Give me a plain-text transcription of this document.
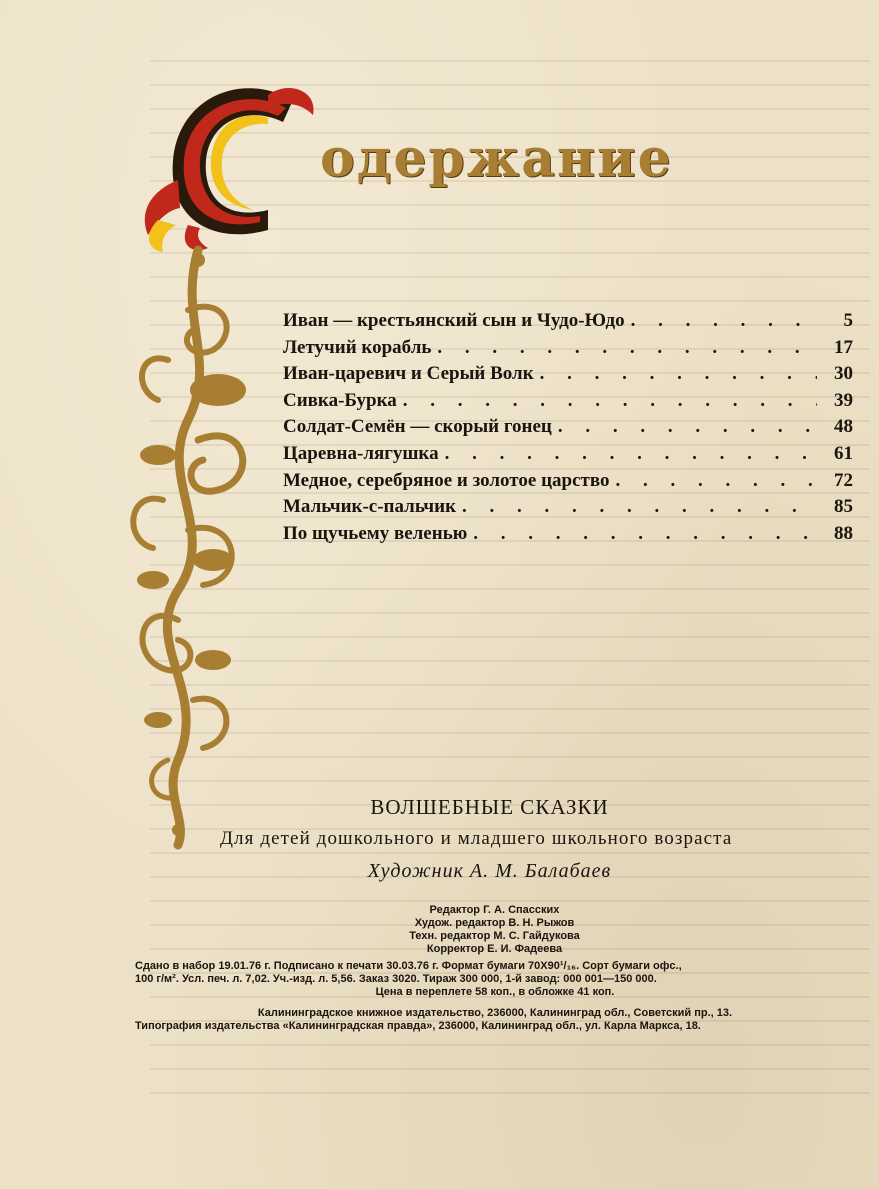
одержание
Иван — крестьянский сын и Чудо-Юдо . . .	5
Летучий корабль . . .	17
Иван-царевич и Серый Волк . . .	30
Сивка-Бурка . . .	39
Солдат-Семён — скорый гонец . . .	48
Царевна-лягушка . . .	61
Медное, серебряное и золотое царство . . .	72
Мальчик-с-пальчик . . .	85
По щучьему веленью . . .	88
ВОЛШЕБНЫЕ СКАЗКИ
Для детей дошкольного и младшего школьного возраста
Художник А. М. Балабаев
Редактор Г. А. Спасских
Худож. редактор В. Н. Рыжов
Техн. редактор М. С. Гайдукова
Корректор Е. И. Фадеева
Сдано в набор 19.01.76 г. Подписано к печати 30.03.76 г. Формат бумаги 70X90¹/₁₆. Сорт бумаги офс.,
100 г/м². Усл. печ. л. 7,02. Уч.-изд. л. 5,56. Заказ 3020. Тираж 300 000, 1-й завод: 000 001—150 000.
Цена в переплете 58 коп., в обложке 41 коп.
Калининградское книжное издательство, 236000, Калининград обл., Советский пр., 13.
Типография издательства «Калининградская правда», 236000, Калининград обл., ул. Карла Маркса, 18.
